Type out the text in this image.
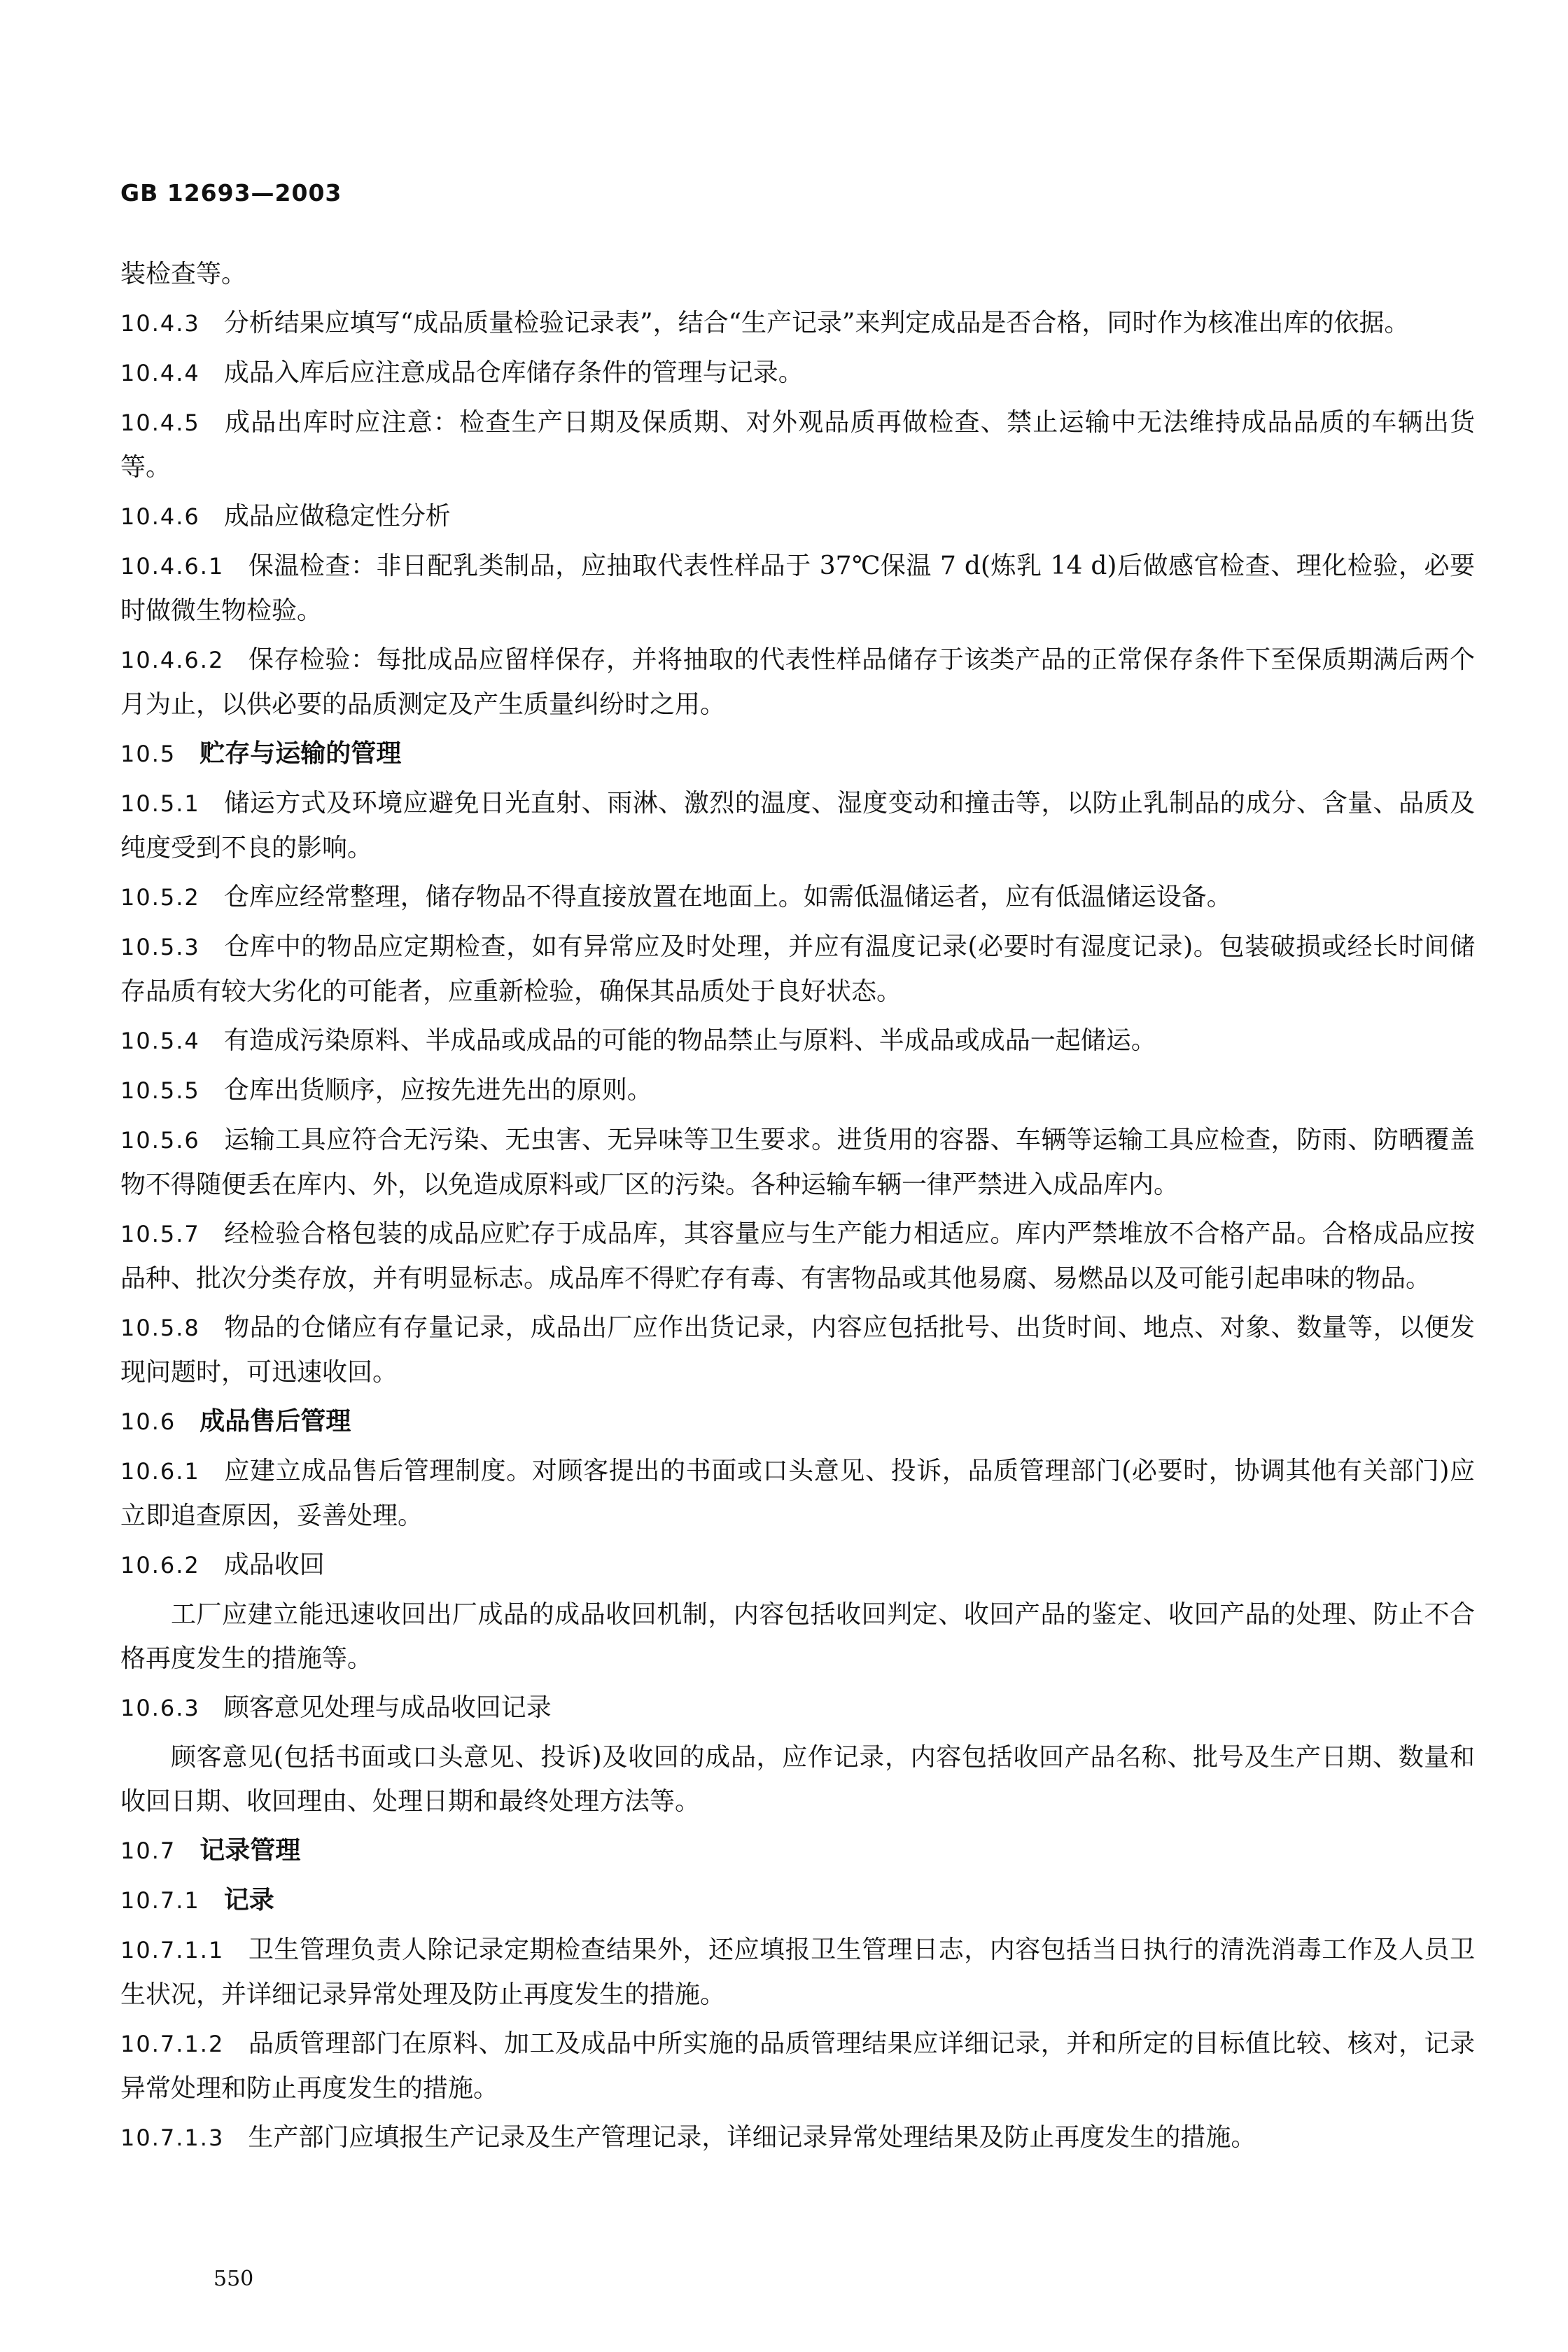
GB 12693—2003
装检查等。
10.4.3 分析结果应填写“成品质量检验记录表”，结合“生产记录”来判定成品是否合格，同时作为核准出库的依据。
10.4.4 成品入库后应注意成品仓库储存条件的管理与记录。
10.4.5 成品出库时应注意：检查生产日期及保质期、对外观品质再做检查、禁止运输中无法维持成品品质的车辆出货等。
10.4.6 成品应做稳定性分析
10.4.6.1 保温检查：非日配乳类制品，应抽取代表性样品于 37℃保温 7 d(炼乳 14 d)后做感官检查、理化检验，必要时做微生物检验。
10.4.6.2 保存检验：每批成品应留样保存，并将抽取的代表性样品储存于该类产品的正常保存条件下至保质期满后两个月为止，以供必要的品质测定及产生质量纠纷时之用。
10.5 贮存与运输的管理
10.5.1 储运方式及环境应避免日光直射、雨淋、激烈的温度、湿度变动和撞击等，以防止乳制品的成分、含量、品质及纯度受到不良的影响。
10.5.2 仓库应经常整理，储存物品不得直接放置在地面上。如需低温储运者，应有低温储运设备。
10.5.3 仓库中的物品应定期检查，如有异常应及时处理，并应有温度记录(必要时有湿度记录)。包装破损或经长时间储存品质有较大劣化的可能者，应重新检验，确保其品质处于良好状态。
10.5.4 有造成污染原料、半成品或成品的可能的物品禁止与原料、半成品或成品一起储运。
10.5.5 仓库出货顺序，应按先进先出的原则。
10.5.6 运输工具应符合无污染、无虫害、无异味等卫生要求。进货用的容器、车辆等运输工具应检查，防雨、防晒覆盖物不得随便丢在库内、外，以免造成原料或厂区的污染。各种运输车辆一律严禁进入成品库内。
10.5.7 经检验合格包装的成品应贮存于成品库，其容量应与生产能力相适应。库内严禁堆放不合格产品。合格成品应按品种、批次分类存放，并有明显标志。成品库不得贮存有毒、有害物品或其他易腐、易燃品以及可能引起串味的物品。
10.5.8 物品的仓储应有存量记录，成品出厂应作出货记录，内容应包括批号、出货时间、地点、对象、数量等，以便发现问题时，可迅速收回。
10.6 成品售后管理
10.6.1 应建立成品售后管理制度。对顾客提出的书面或口头意见、投诉，品质管理部门(必要时，协调其他有关部门)应立即追查原因，妥善处理。
10.6.2 成品收回
工厂应建立能迅速收回出厂成品的成品收回机制，内容包括收回判定、收回产品的鉴定、收回产品的处理、防止不合格再度发生的措施等。
10.6.3 顾客意见处理与成品收回记录
顾客意见(包括书面或口头意见、投诉)及收回的成品，应作记录，内容包括收回产品名称、批号及生产日期、数量和收回日期、收回理由、处理日期和最终处理方法等。
10.7 记录管理
10.7.1 记录
10.7.1.1 卫生管理负责人除记录定期检查结果外，还应填报卫生管理日志，内容包括当日执行的清洗消毒工作及人员卫生状况，并详细记录异常处理及防止再度发生的措施。
10.7.1.2 品质管理部门在原料、加工及成品中所实施的品质管理结果应详细记录，并和所定的目标值比较、核对，记录异常处理和防止再度发生的措施。
10.7.1.3 生产部门应填报生产记录及生产管理记录，详细记录异常处理结果及防止再度发生的措施。
550
